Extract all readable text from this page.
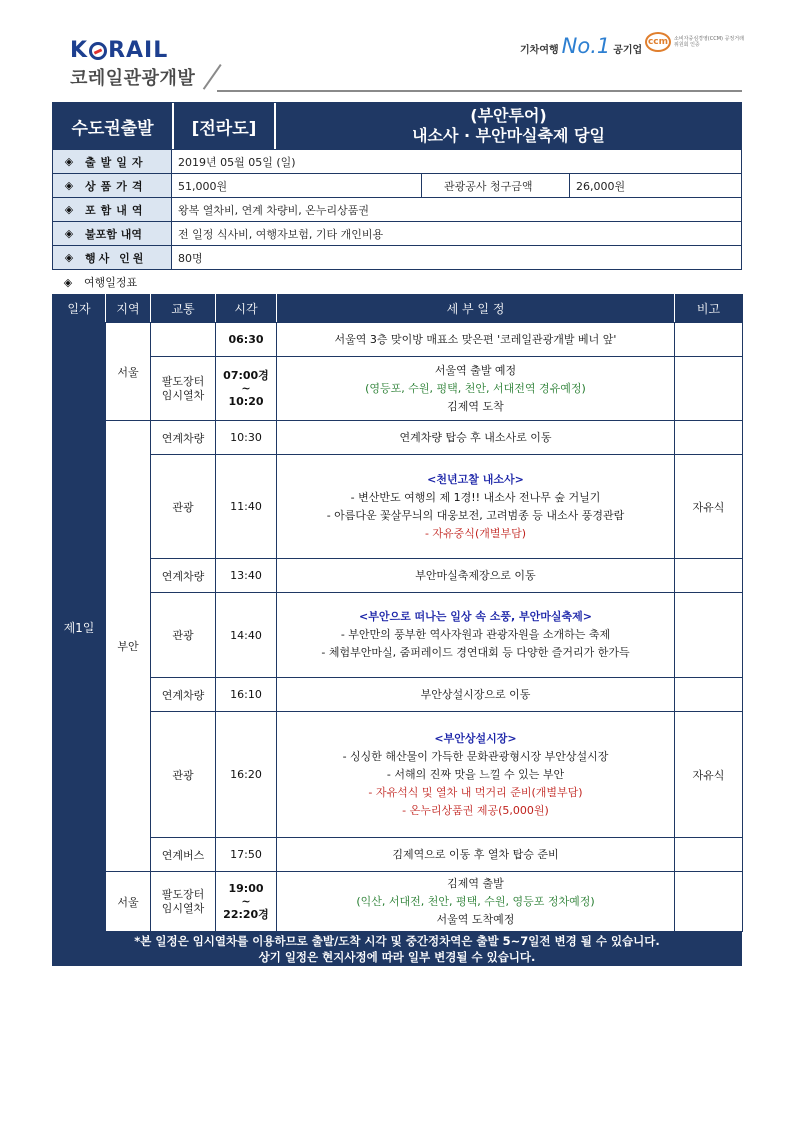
K RAIL
코레일관광개발
기차여행 No.1 공기업
ccm	소비자중심경영(CCM) 공정거래위원회 인증
수도권출발	[전라도]
(부안투어)
내소사 · 부안마실축제 당일
◈	출발일자	2019년 05월 05일 (일)
◈	상품가격	51,000원	관광공사 청구금액	26,000원
◈	포함내역	왕복 열차비, 연계 차량비, 온누리상품권
◈	불포함 내역	전 일정 식사비, 여행자보험, 기타 개인비용
◈	행사 인원	80명
◈	여행일정표
일자	지역	교통	시각	세 부 일 정	비고
제1일	서울		06:30	서울역 3층 맞이방 매표소 맞은편 '코레일관광개발 베너 앞'	
		팔도장터
임시열차	07:00경
~
10:20	서울역 출발 예정
(영등포, 수원, 평택, 천안, 서대전역 경유예정)
김제역 도착	
	부안	연계차량	10:30	연계차량 탑승 후 내소사로 이동	
		관광	11:40	<천년고찰 내소사>
- 변산반도 여행의 제 1경!! 내소사 전나무 숲 거닐기
- 아름다운 꽃살무늬의 대웅보전, 고려범종 등 내소사 풍경관람
- 자유중식(개별부담)	자유식
		연계차량	13:40	부안마실축제장으로 이동	
		관광	14:40	<부안으로 떠나는 일상 속 소풍, 부안마실축제>
- 부안만의 풍부한 역사자원과 관광자원을 소개하는 축제
- 체험부안마실, 줌퍼레이드 경연대회 등 다양한 즐거리가 한가득	
		연계차량	16:10	부안상설시장으로 이동	
		관광	16:20	<부안상설시장>
- 싱싱한 해산물이 가득한 문화관광형시장 부안상설시장
- 서해의 진짜 맛을 느낄 수 있는 부안
- 자유석식 및 열차 내 먹거리 준비(개별부담)
- 온누리상품권 제공(5,000원)	자유식
		연계버스	17:50	김제역으로 이동 후 열차 탑승 준비	
	서울	팔도장터
임시열차	19:00
~
22:20경	김제역 출발
(익산, 서대전, 천안, 평택, 수원, 영등포 정차예정)
서울역 도착예정	
*본 일정은 임시열차를 이용하므로 출발/도착 시각 및 중간정차역은 출발 5~7일전 변경 될 수 있습니다.
상기 일정은 현지사정에 따라 일부 변경될 수 있습니다.
